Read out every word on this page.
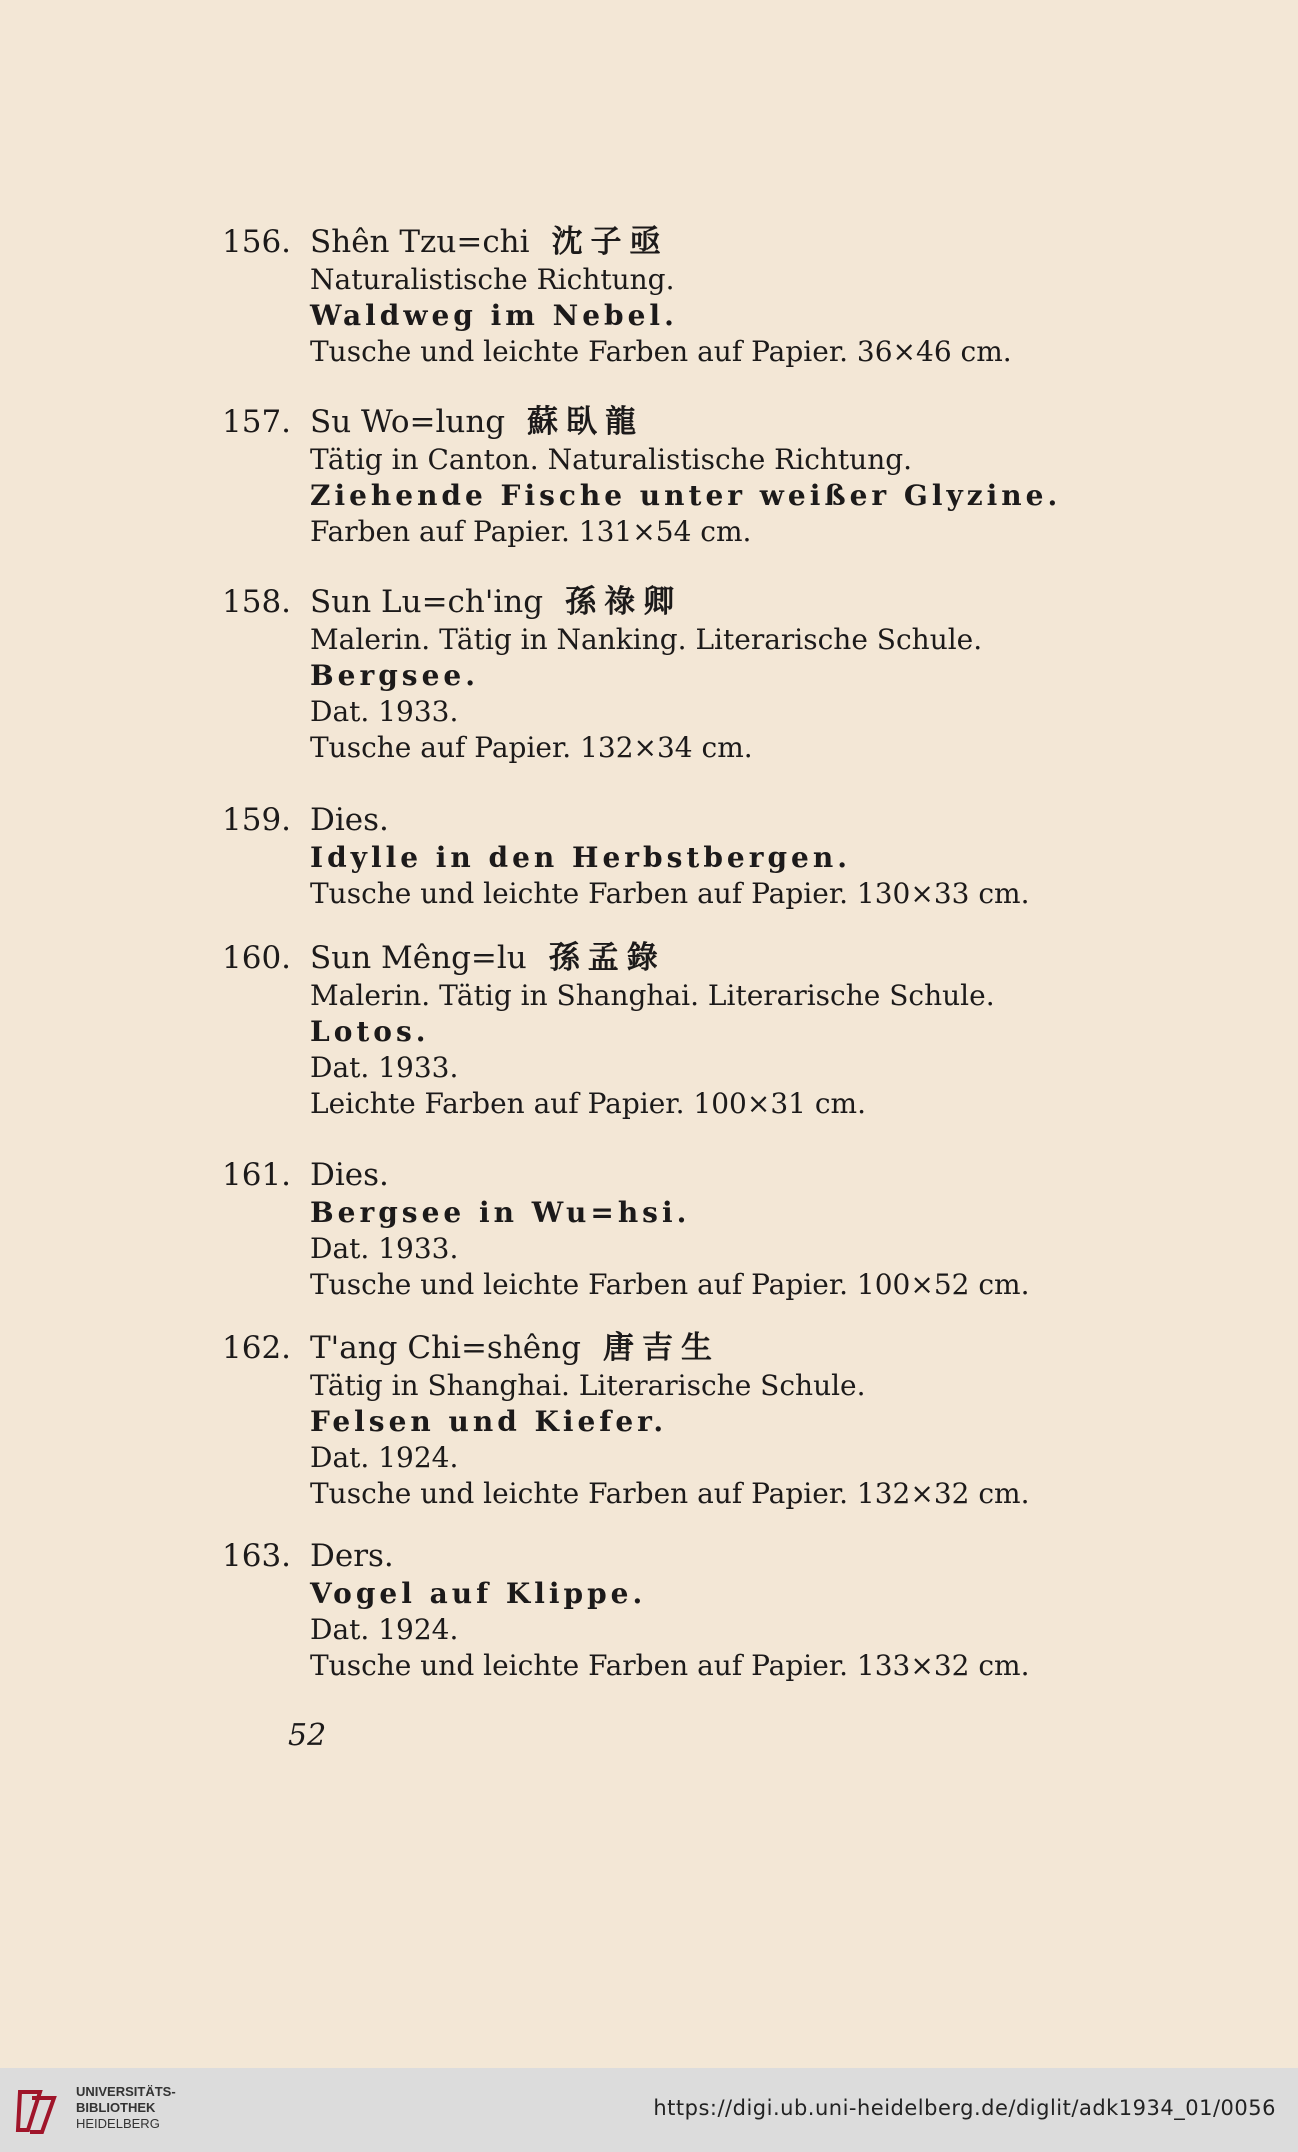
156. Shên Tzu=chi 沈子亟
Naturalistische Richtung.
Waldweg im Nebel.
Tusche und leichte Farben auf Papier. 36×46 cm.
157. Su Wo=lung 蘇臥龍
Tätig in Canton. Naturalistische Richtung.
Ziehende Fische unter weißer Glyzine.
Farben auf Papier. 131×54 cm.
158. Sun Lu=ch'ing 孫祿卿
Malerin. Tätig in Nanking. Literarische Schule.
Bergsee.
Dat. 1933.
Tusche auf Papier. 132×34 cm.
159. Dies.
Idylle in den Herbstbergen.
Tusche und leichte Farben auf Papier. 130×33 cm.
160. Sun Mêng=lu 孫孟錄
Malerin. Tätig in Shanghai. Literarische Schule.
Lotos.
Dat. 1933.
Leichte Farben auf Papier. 100×31 cm.
161. Dies.
Bergsee in Wu=hsi.
Dat. 1933.
Tusche und leichte Farben auf Papier. 100×52 cm.
162. T'ang Chi=shêng 唐吉生
Tätig in Shanghai. Literarische Schule.
Felsen und Kiefer.
Dat. 1924.
Tusche und leichte Farben auf Papier. 132×32 cm.
163. Ders.
Vogel auf Klippe.
Dat. 1924.
Tusche und leichte Farben auf Papier. 133×32 cm.
52
UNIVERSITÄTS-
BIBLIOTHEK
HEIDELBERG
https://digi.ub.uni-heidelberg.de/diglit/adk1934_01/0056
